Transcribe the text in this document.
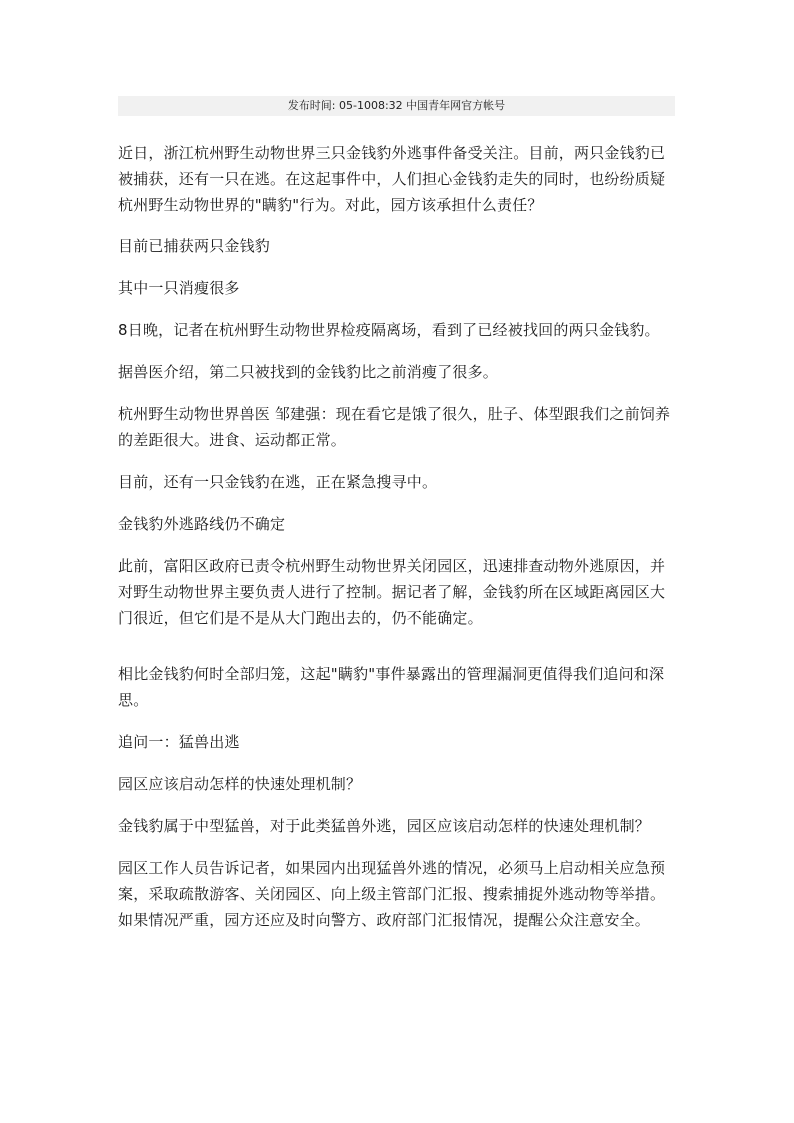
发布时间: 05-1008:32 中国青年网官方帐号

近日，浙江杭州野生动物世界三只金钱豹外逃事件备受关注。目前，两只金钱豹已被捕获，还有一只在逃。在这起事件中，人们担心金钱豹走失的同时，也纷纷质疑杭州野生动物世界的"瞒豹"行为。对此，园方该承担什么责任？

目前已捕获两只金钱豹

其中一只消瘦很多

8日晚，记者在杭州野生动物世界检疫隔离场，看到了已经被找回的两只金钱豹。

据兽医介绍，第二只被找到的金钱豹比之前消瘦了很多。

杭州野生动物世界兽医 邹建强：现在看它是饿了很久，肚子、体型跟我们之前饲养的差距很大。进食、运动都正常。

目前，还有一只金钱豹在逃，正在紧急搜寻中。

金钱豹外逃路线仍不确定

此前，富阳区政府已责令杭州野生动物世界关闭园区，迅速排查动物外逃原因，并对野生动物世界主要负责人进行了控制。据记者了解，金钱豹所在区域距离园区大门很近，但它们是不是从大门跑出去的，仍不能确定。

相比金钱豹何时全部归笼，这起"瞒豹"事件暴露出的管理漏洞更值得我们追问和深思。

追问一：猛兽出逃

园区应该启动怎样的快速处理机制？

金钱豹属于中型猛兽，对于此类猛兽外逃，园区应该启动怎样的快速处理机制？

园区工作人员告诉记者，如果园内出现猛兽外逃的情况，必须马上启动相关应急预案，采取疏散游客、关闭园区、向上级主管部门汇报、搜索捕捉外逃动物等举措。如果情况严重，园方还应及时向警方、政府部门汇报情况，提醒公众注意安全。
